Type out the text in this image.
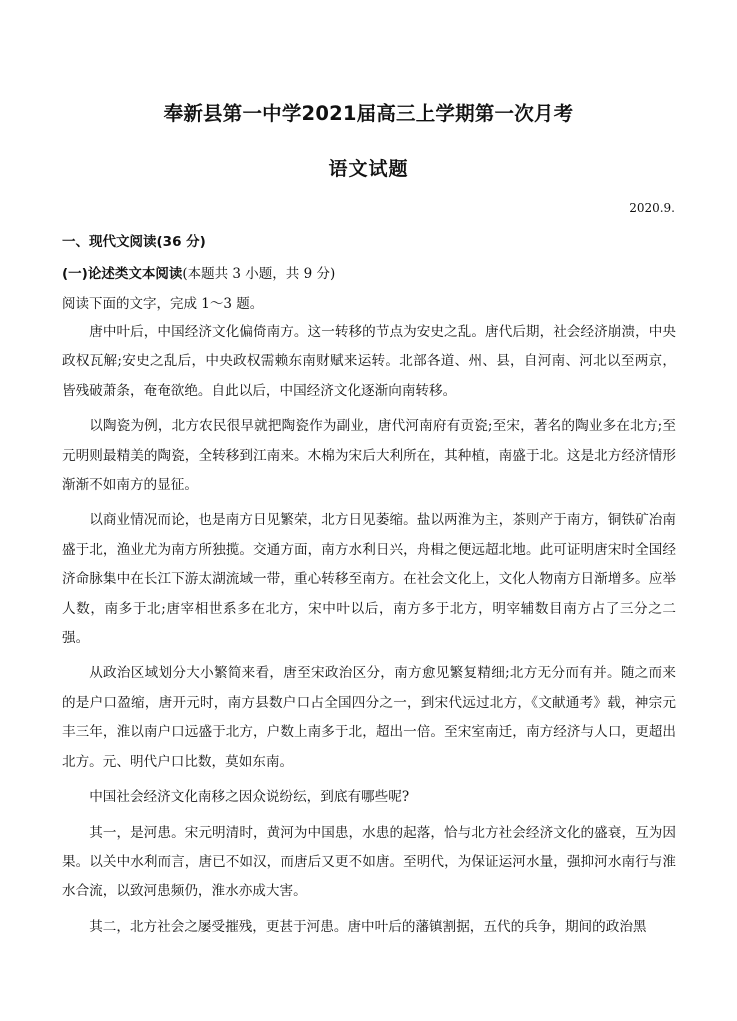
奉新县第一中学2021届高三上学期第一次月考
语文试题
2020.9.
一、现代文阅读(36 分)
(一)论述类文本阅读(本题共 3 小题，共 9 分)
阅读下面的文字，完成 1～3 题。

唐中叶后，中国经济文化偏倚南方。这一转移的节点为安史之乱。唐代后期，社会经济崩溃，中央政权瓦解;安史之乱后，中央政权需赖东南财赋来运转。北部各道、州、县，自河南、河北以至两京，皆残破萧条，奄奄欲绝。自此以后，中国经济文化逐渐向南转移。

以陶瓷为例，北方农民很早就把陶瓷作为副业，唐代河南府有贡瓷;至宋，著名的陶业多在北方;至元明则最精美的陶瓷，全转移到江南来。木棉为宋后大利所在，其种植，南盛于北。这是北方经济情形渐渐不如南方的显征。

以商业情况而论，也是南方日见繁荣，北方日见萎缩。盐以两淮为主，茶则产于南方，铜铁矿冶南盛于北，渔业尤为南方所独揽。交通方面，南方水利日兴，舟楫之便远超北地。此可证明唐宋时全国经济命脉集中在长江下游太湖流域一带，重心转移至南方。在社会文化上，文化人物南方日渐增多。应举人数，南多于北;唐宰相世系多在北方，宋中叶以后，南方多于北方，明宰辅数目南方占了三分之二强。

从政治区域划分大小繁简来看，唐至宋政治区分，南方愈见繁复精细;北方无分而有并。随之而来的是户口盈缩，唐开元时，南方县数户口占全国四分之一，到宋代远过北方，《文献通考》载，神宗元丰三年，淮以南户口远盛于北方，户数上南多于北，超出一倍。至宋室南迁，南方经济与人口，更超出北方。元、明代户口比数，莫如东南。

中国社会经济文化南移之因众说纷纭，到底有哪些呢?

其一，是河患。宋元明清时，黄河为中国患，水患的起落，恰与北方社会经济文化的盛衰，互为因果。以关中水利而言，唐已不如汉，而唐后又更不如唐。至明代，为保证运河水量，强抑河水南行与淮水合流，以致河患频仍，淮水亦成大害。

其二，北方社会之屡受摧残，更甚于河患。唐中叶后的藩镇割据，五代的兵争，期间的政治黑
